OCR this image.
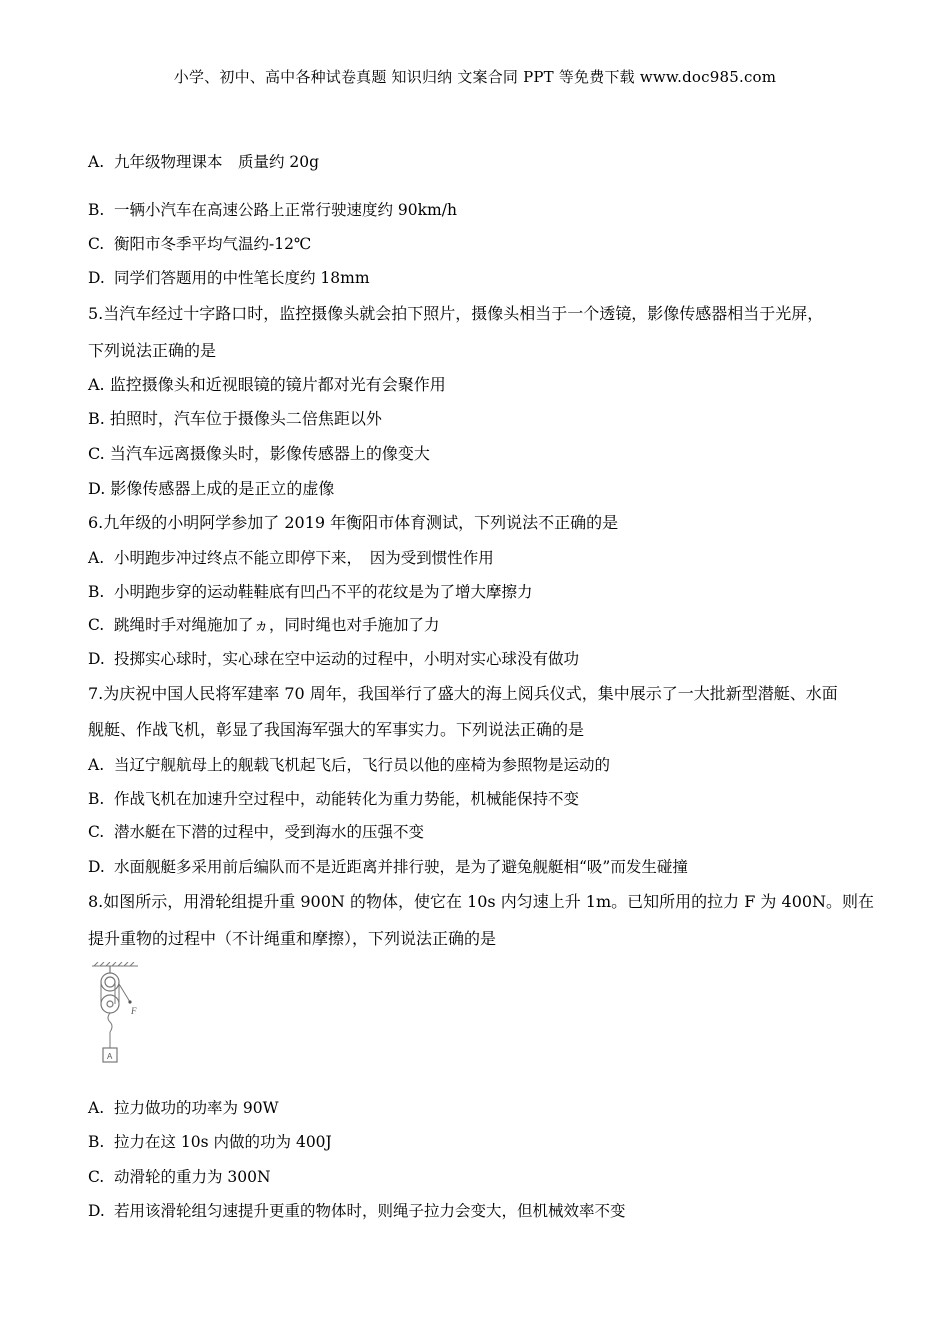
小学、初中、高中各种试卷真题 知识归纳 文案合同 PPT 等免费下载 www.doc985.com
A. 九年级物理课本　质量约 20g
B. 一辆小汽车在高速公路上正常行驶速度约 90km/h
C. 衡阳市冬季平均气温约-12℃
D. 同学们答题用的中性笔长度约 18mm
5.当汽车经过十字路口时，监控摄像头就会拍下照片，摄像头相当于一个透镜，影像传感器相当于光屏，
下列说法正确的是
A. 监控摄像头和近视眼镜的镜片都对光有会聚作用
B. 拍照时，汽车位于摄像头二倍焦距以外
C. 当汽车远离摄像头时，影像传感器上的像变大
D. 影像传感器上成的是正立的虚像
6.九年级的小明阿学参加了 2019 年衡阳市体育测试，下列说法不正确的是
A. 小明跑步冲过终点不能立即停下来，　因为受到惯性作用
B. 小明跑步穿的运动鞋鞋底有凹凸不平的花纹是为了增大摩擦力
C. 跳绳时手对绳施加了ヵ，同时绳也对手施加了力
D. 投掷实心球时，实心球在空中运动的过程中，小明对实心球没有做功
7.为庆祝中国人民将军建率 70 周年，我国举行了盛大的海上阅兵仪式，集中展示了一大批新型潜艇、水面
舰艇、作战飞机，彰显了我国海军强大的军事实力。下列说法正确的是
A. 当辽宁舰航母上的舰载飞机起飞后，飞行员以他的座椅为参照物是运动的
B. 作战飞机在加速升空过程中，动能转化为重力势能，机械能保持不变
C. 潜水艇在下潜的过程中，受到海水的压强不变
D. 水面舰艇多采用前后编队而不是近距离并排行驶，是为了避兔舰艇相“吸”而发生碰撞
8.如图所示，用滑轮组提升重 900N 的物体，使它在 10s 内匀速上升 1m。已知所用的拉力 F 为 400N。则在
提升重物的过程中（不计绳重和摩擦），下列说法正确的是
F
A
A. 拉力做功的功率为 90W
B. 拉力在这 10s 内做的功为 400J
C. 动滑轮的重力为 300N
D. 若用该滑轮组匀速提升更重的物体时，则绳子拉力会变大，但机械效率不变
